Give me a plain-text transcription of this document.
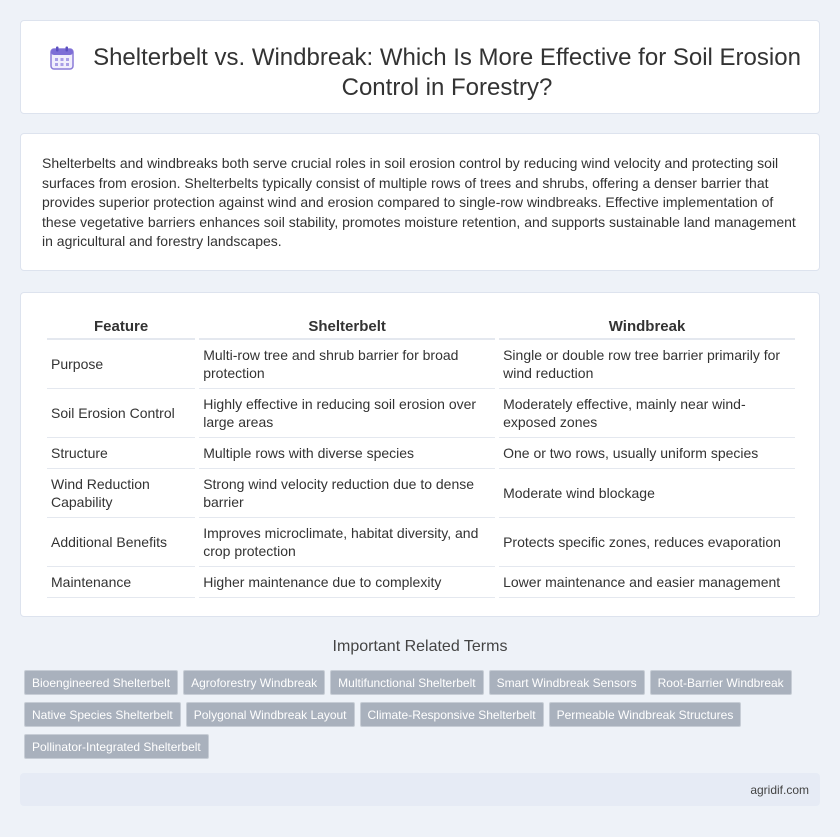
Shelterbelt vs. Windbreak: Which Is More Effective for Soil Erosion Control in Forestry?

Shelterbelts and windbreaks both serve crucial roles in soil erosion control by reducing wind velocity and protecting soil surfaces from erosion. Shelterbelts typically consist of multiple rows of trees and shrubs, offering a denser barrier that provides superior protection against wind and erosion compared to single-row windbreaks. Effective implementation of these vegetative barriers enhances soil stability, promotes moisture retention, and supports sustainable land management in agricultural and forestry landscapes.

Feature	Shelterbelt	Windbreak
Purpose	Multi-row tree and shrub barrier for broad protection	Single or double row tree barrier primarily for wind reduction
Soil Erosion Control	Highly effective in reducing soil erosion over large areas	Moderately effective, mainly near wind-exposed zones
Structure	Multiple rows with diverse species	One or two rows, usually uniform species
Wind Reduction Capability	Strong wind velocity reduction due to dense barrier	Moderate wind blockage
Additional Benefits	Improves microclimate, habitat diversity, and crop protection	Protects specific zones, reduces evaporation
Maintenance	Higher maintenance due to complexity	Lower maintenance and easier management
Important Related Terms
Bioengineered Shelterbelt Agroforestry Windbreak Multifunctional Shelterbelt Smart Windbreak Sensors Root-Barrier WindbreakNative Species Shelterbelt Polygonal Windbreak Layout Climate-Responsive Shelterbelt Permeable Windbreak StructuresPollinator-Integrated Shelterbelt
agridif.com
